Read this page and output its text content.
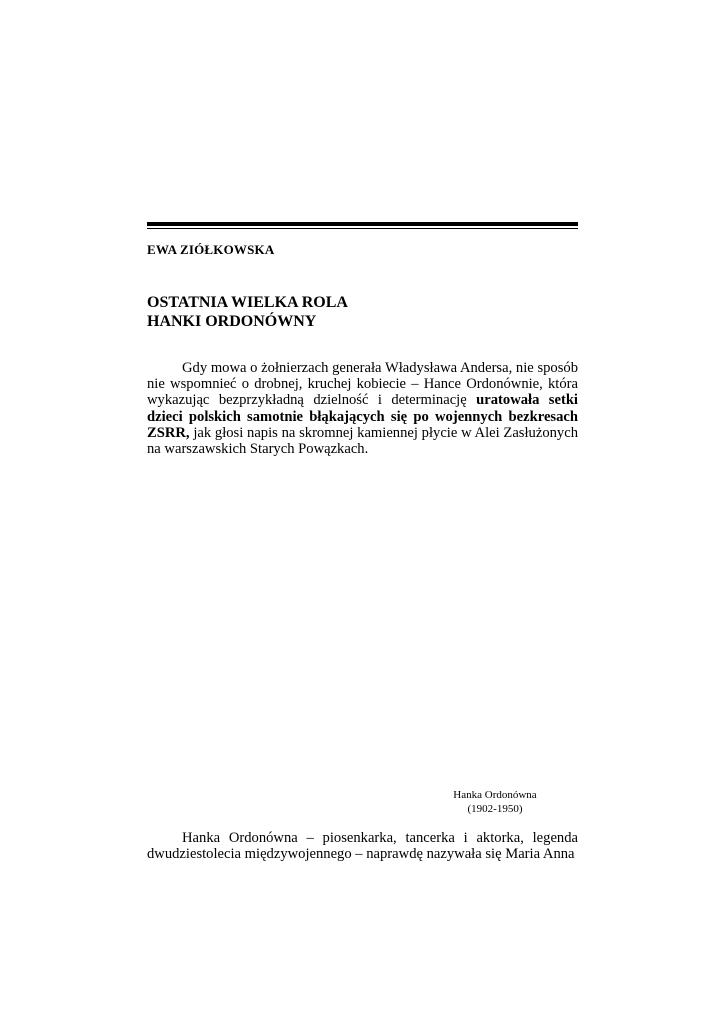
EWA ZIÓŁKOWSKA
OSTATNIA WIELKA ROLA
HANKI ORDONÓWNY

Gdy mowa o żołnierzach generała Władysława Andersa, nie sposób nie wspomnieć o drobnej, kruchej kobiecie – Hance Ordonównie, która wykazując bezprzykładną dzielność i determinację uratowała setki dzieci polskich samotnie błąkających się po wojennych bezkresach ZSRR, jak głosi napis na skromnej kamiennej płycie w Alei Zasłużonych na warszawskich Starych Powązkach.

Hanka Ordonówna
(1902-1950)

Hanka Ordonówna – piosenkarka, tancerka i aktorka, legenda dwudziestolecia międzywojennego – naprawdę nazywała się Maria Anna
